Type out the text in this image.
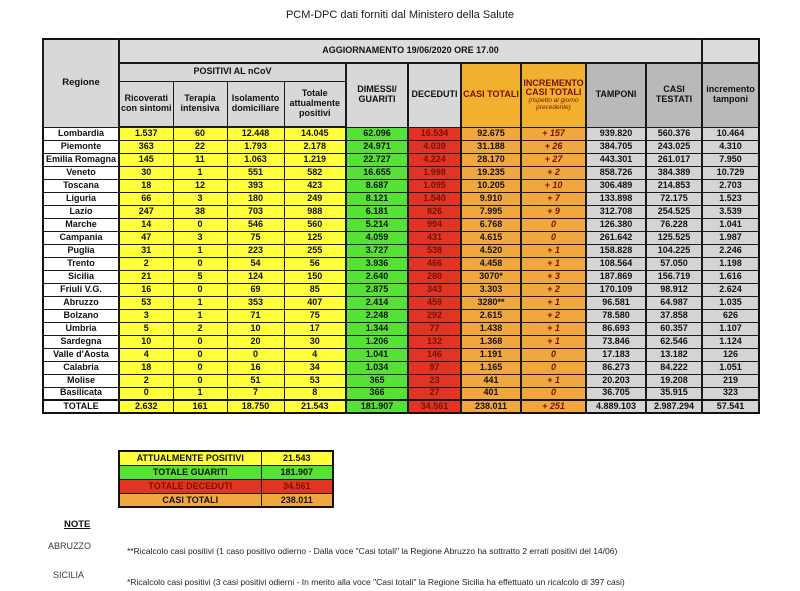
PCM-DPC dati forniti dal Ministero della Salute
Regione	AGGIORNAMENTO 19/06/2020 ORE 17.00										
	POSITIVI AL nCoV				DIMESSI/ GUARITI	DECEDUTI	CASI TOTALI	INCREMENTO CASI TOTALI
(rispetto al giorno precedente)	TAMPONI	CASI TESTATI	incremento tamponi
	Ricoverati con sintomi	Terapia intensiva	Isolamento domiciliare	Totale attualmente positivi							
Lombardia	1.537	60	12.448	14.045	62.096	16.534	92.675	+ 157	939.820	560.376	10.464
Piemonte	363	22	1.793	2.178	24.971	4.039	31.188	+ 26	384.705	243.025	4.310
Emilia Romagna	145	11	1.063	1.219	22.727	4.224	28.170	+ 27	443.301	261.017	7.950
Veneto	30	1	551	582	16.655	1.998	19.235	+ 2	858.726	384.389	10.729
Toscana	18	12	393	423	8.687	1.095	10.205	+ 10	306.489	214.853	2.703
Liguria	66	3	180	249	8.121	1.540	9.910	+ 7	133.898	72.175	1.523
Lazio	247	38	703	988	6.181	826	7.995	+ 9	312.708	254.525	3.539
Marche	14	0	546	560	5.214	994	6.768	0	126.380	76.228	1.041
Campania	47	3	75	125	4.059	431	4.615	0	261.642	125.525	1.987
Puglia	31	1	223	255	3.727	538	4.520	+ 1	158.828	104.225	2.246
Trento	2	0	54	56	3.936	466	4.458	+ 1	108.564	57.050	1.198
Sicilia	21	5	124	150	2.640	280	3070*	+ 3	187.869	156.719	1.616
Friuli V.G.	16	0	69	85	2.875	343	3.303	+ 2	170.109	98.912	2.624
Abruzzo	53	1	353	407	2.414	459	3280**	+ 1	96.581	64.987	1.035
Bolzano	3	1	71	75	2.248	292	2.615	+ 2	78.580	37.858	626
Umbria	5	2	10	17	1.344	77	1.438	+ 1	86.693	60.357	1.107
Sardegna	10	0	20	30	1.206	132	1.368	+ 1	73.846	62.546	1.124
Valle d'Aosta	4	0	0	4	1.041	146	1.191	0	17.183	13.182	126
Calabria	18	0	16	34	1.034	97	1.165	0	86.273	84.222	1.051
Molise	2	0	51	53	365	23	441	+ 1	20.203	19.208	219
Basilicata	0	1	7	8	366	27	401	0	36.705	35.915	323
TOTALE	2.632	161	18.750	21.543	181.907	34.561	238.011	+ 251	4.889.103	2.987.294	57.541
ATTUALMENTE POSITIVI	21.543
TOTALE GUARITI	181.907
TOTALE DECEDUTI	34.561
CASI TOTALI	238.011
NOTE
ABRUZZO	**Ricalcolo casi positivi (1 caso positivo odierno - Dalla voce "Casi totali" la Regione Abruzzo ha sottratto 2 errati positivi del 14/06)
SICILIA
*Ricalcolo casi positivi (3 casi positivi odierni - In merito alla voce "Casi totali" la Regione Sicilia ha effettuato un ricalcolo di 397 casi)
